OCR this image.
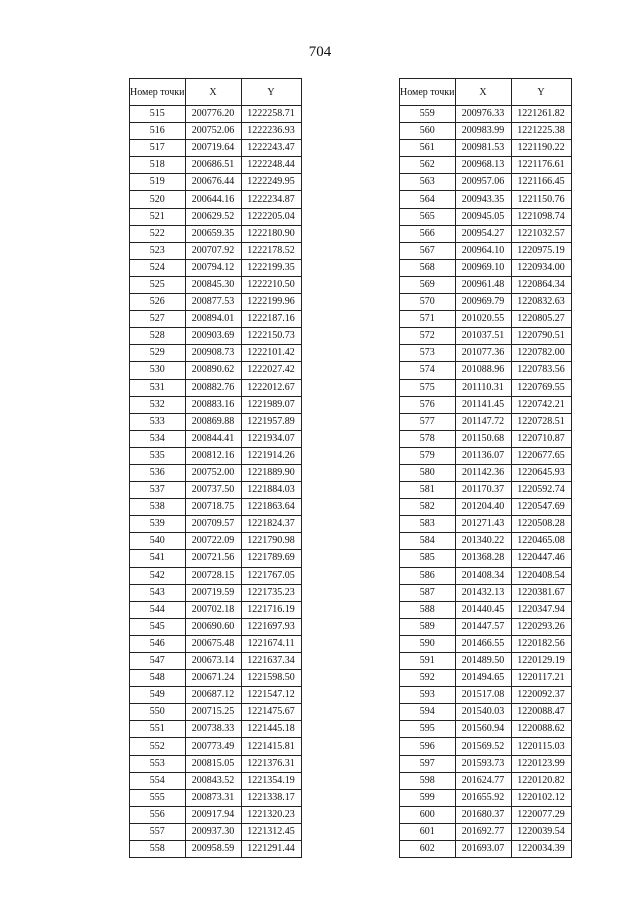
704
Номер точки	X	Y
515	200776.20	1222258.71
516	200752.06	1222236.93
517	200719.64	1222243.47
518	200686.51	1222248.44
519	200676.44	1222249.95
520	200644.16	1222234.87
521	200629.52	1222205.04
522	200659.35	1222180.90
523	200707.92	1222178.52
524	200794.12	1222199.35
525	200845.30	1222210.50
526	200877.53	1222199.96
527	200894.01	1222187.16
528	200903.69	1222150.73
529	200908.73	1222101.42
530	200890.62	1222027.42
531	200882.76	1222012.67
532	200883.16	1221989.07
533	200869.88	1221957.89
534	200844.41	1221934.07
535	200812.16	1221914.26
536	200752.00	1221889.90
537	200737.50	1221884.03
538	200718.75	1221863.64
539	200709.57	1221824.37
540	200722.09	1221790.98
541	200721.56	1221789.69
542	200728.15	1221767.05
543	200719.59	1221735.23
544	200702.18	1221716.19
545	200690.60	1221697.93
546	200675.48	1221674.11
547	200673.14	1221637.34
548	200671.24	1221598.50
549	200687.12	1221547.12
550	200715.25	1221475.67
551	200738.33	1221445.18
552	200773.49	1221415.81
553	200815.05	1221376.31
554	200843.52	1221354.19
555	200873.31	1221338.17
556	200917.94	1221320.23
557	200937.30	1221312.45
558	200958.59	1221291.44
Номер точки	X	Y
559	200976.33	1221261.82
560	200983.99	1221225.38
561	200981.53	1221190.22
562	200968.13	1221176.61
563	200957.06	1221166.45
564	200943.35	1221150.76
565	200945.05	1221098.74
566	200954.27	1221032.57
567	200964.10	1220975.19
568	200969.10	1220934.00
569	200961.48	1220864.34
570	200969.79	1220832.63
571	201020.55	1220805.27
572	201037.51	1220790.51
573	201077.36	1220782.00
574	201088.96	1220783.56
575	201110.31	1220769.55
576	201141.45	1220742.21
577	201147.72	1220728.51
578	201150.68	1220710.87
579	201136.07	1220677.65
580	201142.36	1220645.93
581	201170.37	1220592.74
582	201204.40	1220547.69
583	201271.43	1220508.28
584	201340.22	1220465.08
585	201368.28	1220447.46
586	201408.34	1220408.54
587	201432.13	1220381.67
588	201440.45	1220347.94
589	201447.57	1220293.26
590	201466.55	1220182.56
591	201489.50	1220129.19
592	201494.65	1220117.21
593	201517.08	1220092.37
594	201540.03	1220088.47
595	201560.94	1220088.62
596	201569.52	1220115.03
597	201593.73	1220123.99
598	201624.77	1220120.82
599	201655.92	1220102.12
600	201680.37	1220077.29
601	201692.77	1220039.54
602	201693.07	1220034.39
